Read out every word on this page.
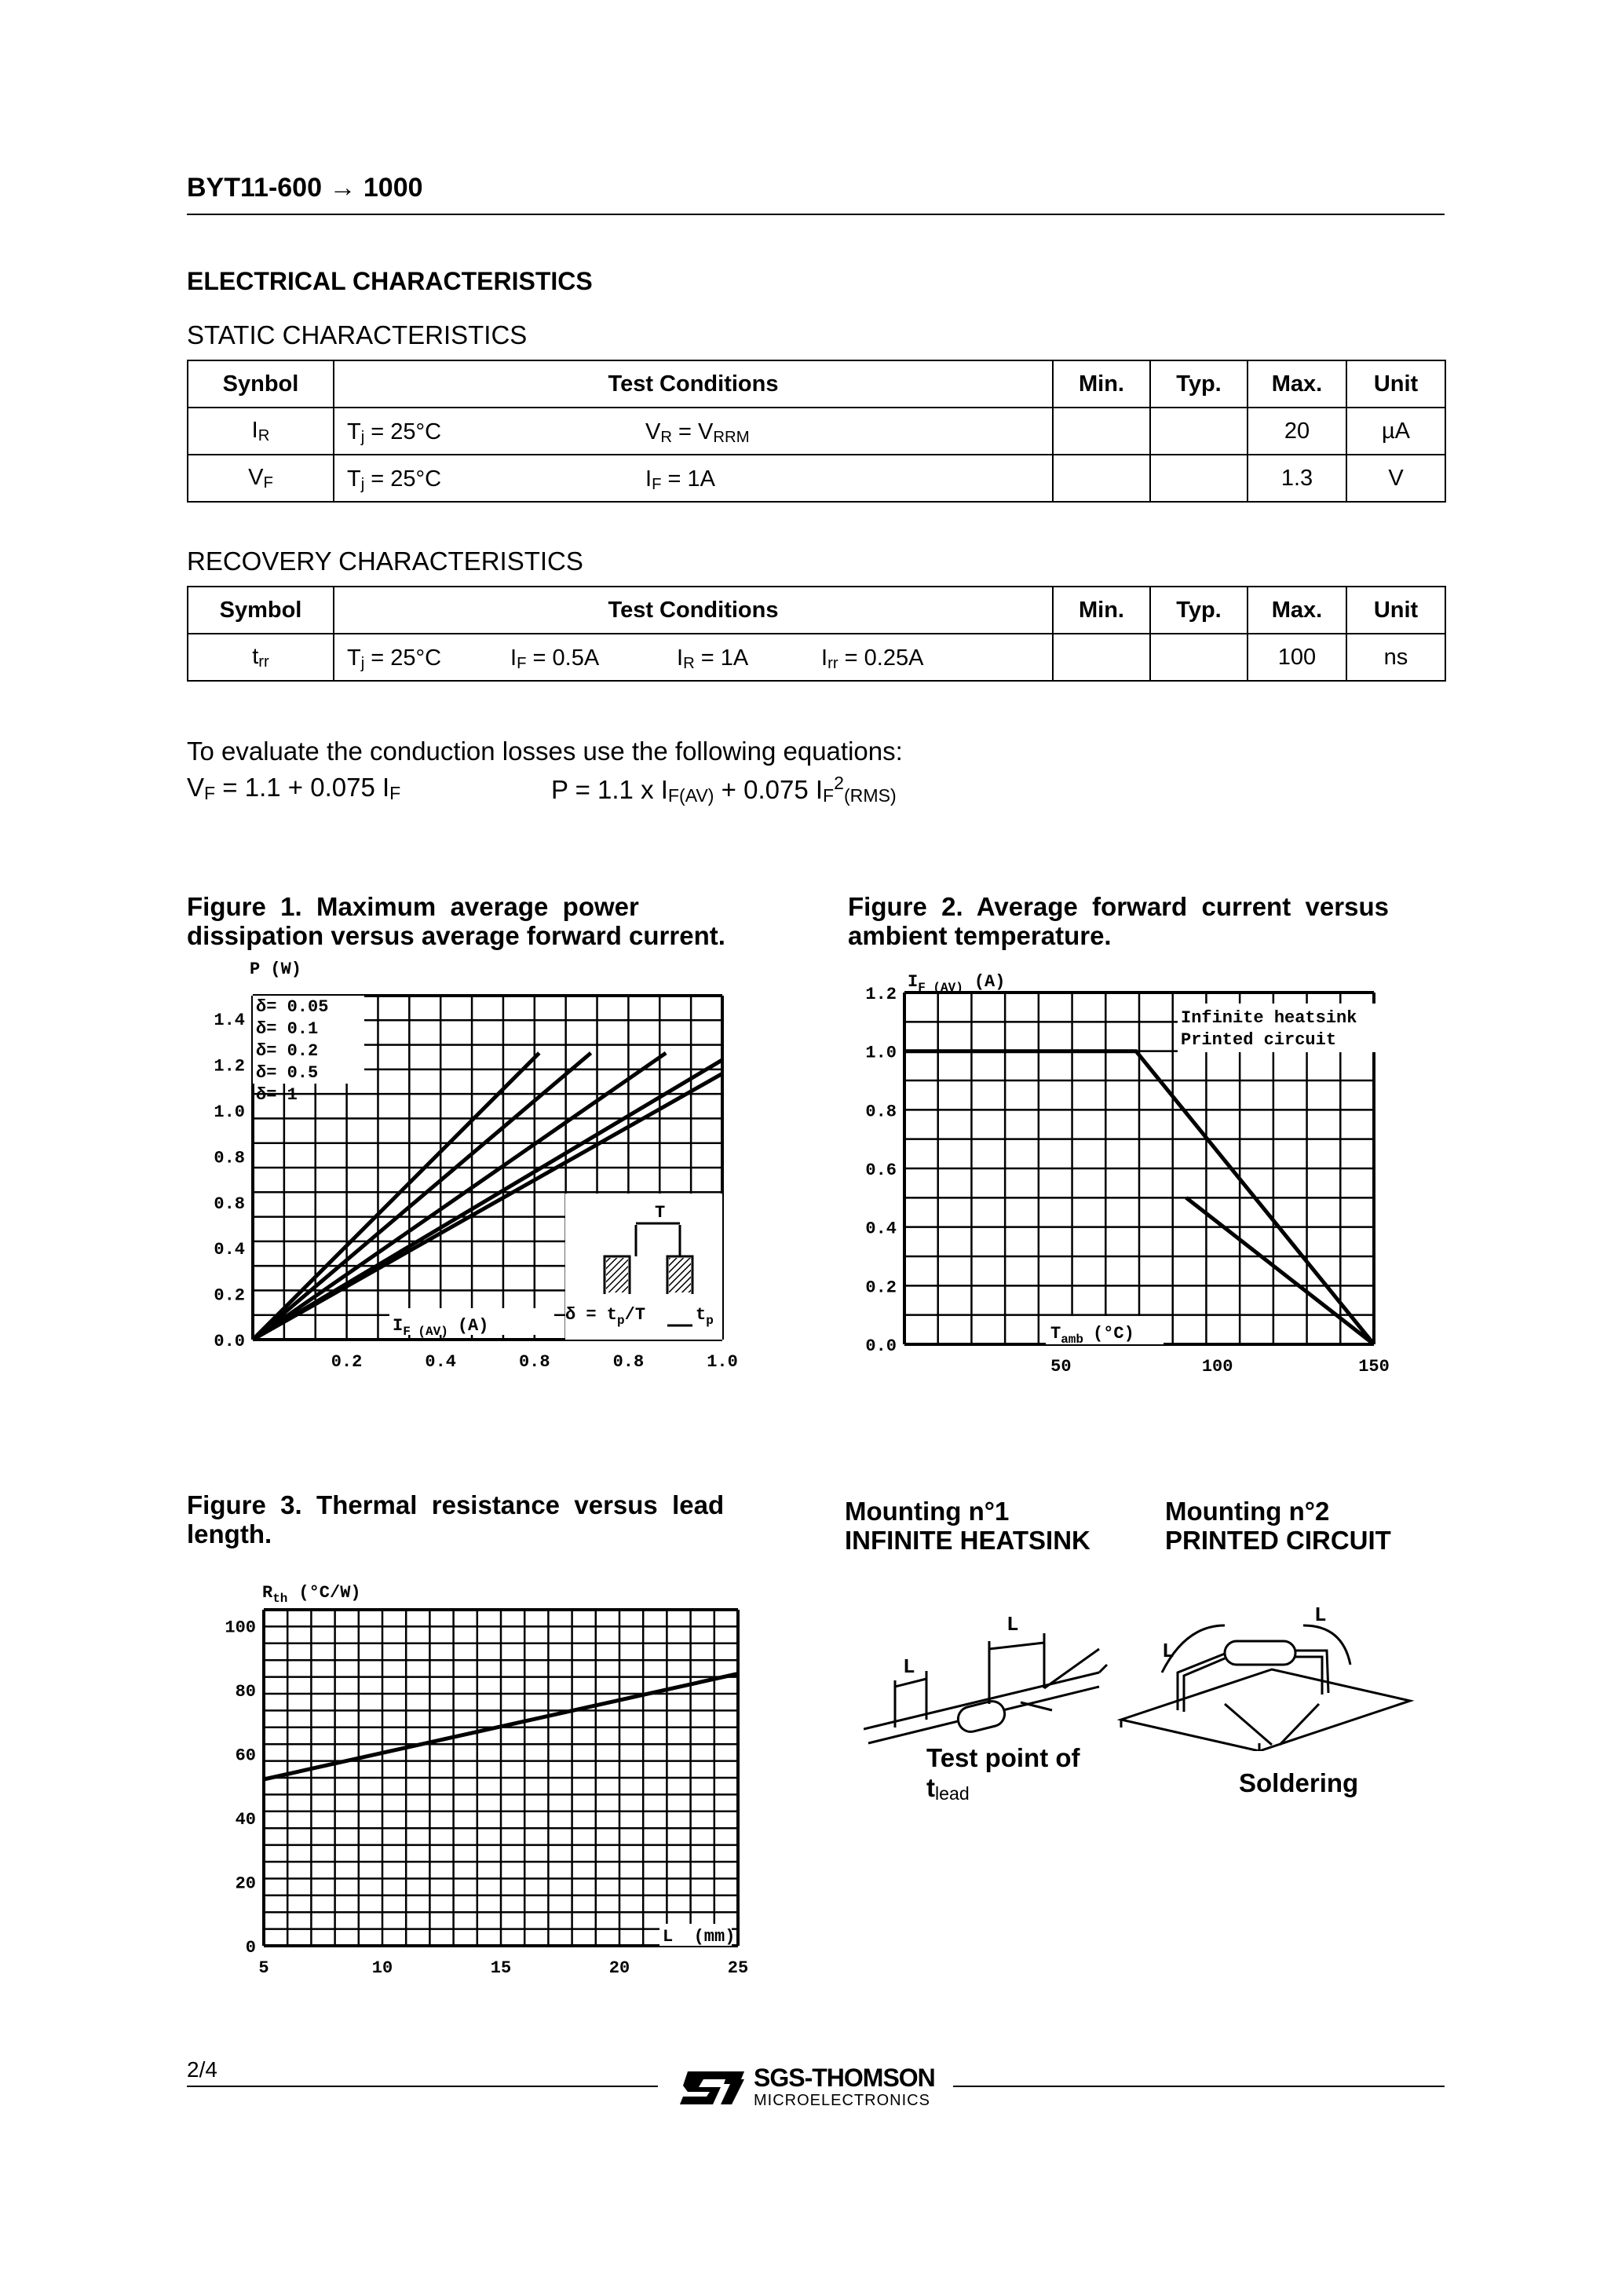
BYT11-600 → 1000
ELECTRICAL CHARACTERISTICS
STATIC CHARACTERISTICS
Synbol	Test Conditions	Min.	Typ.	Max.	Unit
$I_R$	$T_j = 25^\circ C$ $V_R = V_{RRM}$			20	µA
$V_F$	$T_j = 25^\circ C$ $I_F = 1A$			1.3	V
RECOVERY CHARACTERISTICS
Symbol	Test Conditions	Min.	Typ.	Max.	Unit
$t_{rr}$	$T_j = 25^\circ C$ $I_F = 0.5A$ $I_R = 1A$ $I_{rr} = 0.25A$			100	ns
To evaluate the conduction losses use the following equations:
$V_F = 1.1 + 0.075$ $I_F$	P = 1.1 x $I_{F(AV)} + 0.075$ $I_F^2_{(RMS)}$
Figure  1.  Maximum  average  power
dissipation versus average forward current.
Figure  2.  Average  forward  current  versus
ambient temperature.
Figure  3.  Thermal  resistance  versus  lead
length.
P (W)
1.4
1.2
1.0
0.8
0.8
0.4
0.2
0.0
0.2	0.4	0.8	0.8	1.0
δ= 0.05
δ= 0.1
δ= 0.2
δ= 0.5
δ= 1
T
$\delta = t_p/T$	$t_p$
$I_{F (AV)}$ (A)
$I_{F (AV)}$ (A)
1.2
1.0
0.8
0.6
0.4
0.2
0.0
50	100	150
Infinite heatsink
Printed circuit
$T_{amb}$ (°C)
$R_{th}$ (°C/W)
100
80
60
40
20
0
5	10	15	20	25
L  (mm)
Mounting n°1
INFINITE HEATSINK
Mounting n°2
PRINTED CIRCUIT
L
L
Test point of
$t_{lead}$
L
L
Soldering
2/4	SGS-THOMSON
MICROELECTRONICS
